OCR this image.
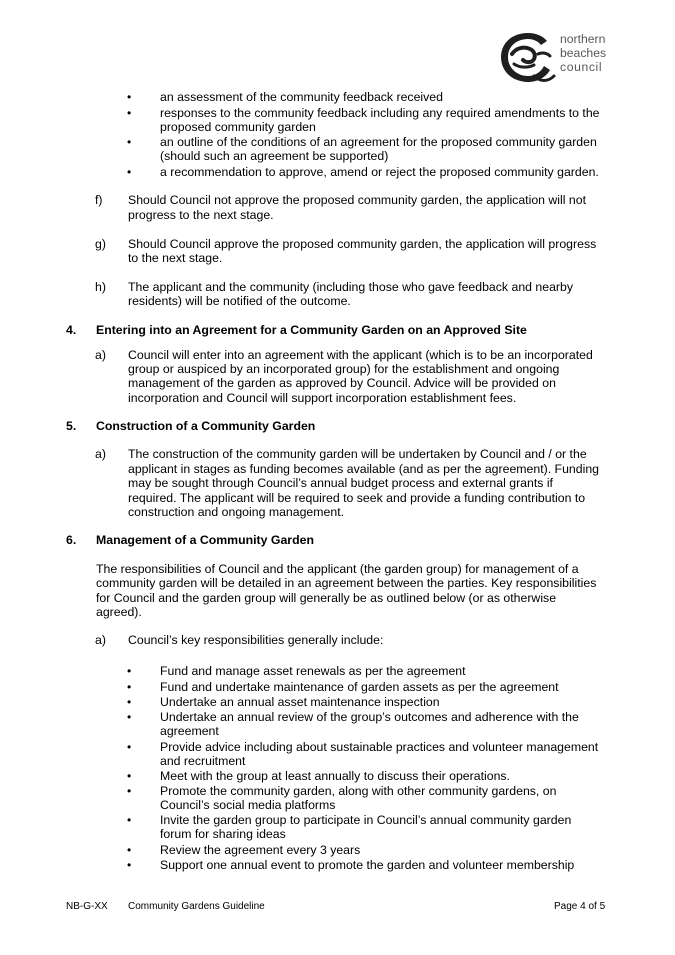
northern
beaches
council
• an assessment of the community feedback received
• responses to the community feedback including any required amendments to the
proposed community garden
• an outline of the conditions of an agreement for the proposed community garden
(should such an agreement be supported)
• a recommendation to approve, amend or reject the proposed community garden.
f) Should Council not approve the proposed community garden, the application will not
progress to the next stage.
g) Should Council approve the proposed community garden, the application will progress
to the next stage.
h) The applicant and the community (including those who gave feedback and nearby
residents) will be notified of the outcome.
4. Entering into an Agreement for a Community Garden on an Approved Site
a) Council will enter into an agreement with the applicant (which is to be an incorporated
group or auspiced by an incorporated group) for the establishment and ongoing
management of the garden as approved by Council. Advice will be provided on
incorporation and Council will support incorporation establishment fees.
5. Construction of a Community Garden
a) The construction of the community garden will be undertaken by Council and / or the
applicant in stages as funding becomes available (and as per the agreement). Funding
may be sought through Council’s annual budget process and external grants if
required. The applicant will be required to seek and provide a funding contribution to
construction and ongoing management.
6. Management of a Community Garden
The responsibilities of Council and the applicant (the garden group) for management of a
community garden will be detailed in an agreement between the parties. Key responsibilities
for Council and the garden group will generally be as outlined below (or as otherwise
agreed).
a) Council’s key responsibilities generally include:
• Fund and manage asset renewals as per the agreement
• Fund and undertake maintenance of garden assets as per the agreement
• Undertake an annual asset maintenance inspection
• Undertake an annual review of the group’s outcomes and adherence with the
agreement
• Provide advice including about sustainable practices and volunteer management
and recruitment
• Meet with the group at least annually to discuss their operations.
• Promote the community garden, along with other community gardens, on
Council’s social media platforms
• Invite the garden group to participate in Council’s annual community garden
forum for sharing ideas
• Review the agreement every 3 years
• Support one annual event to promote the garden and volunteer membership
NB-G-XX Community Gardens Guideline	Page 4 of 5
